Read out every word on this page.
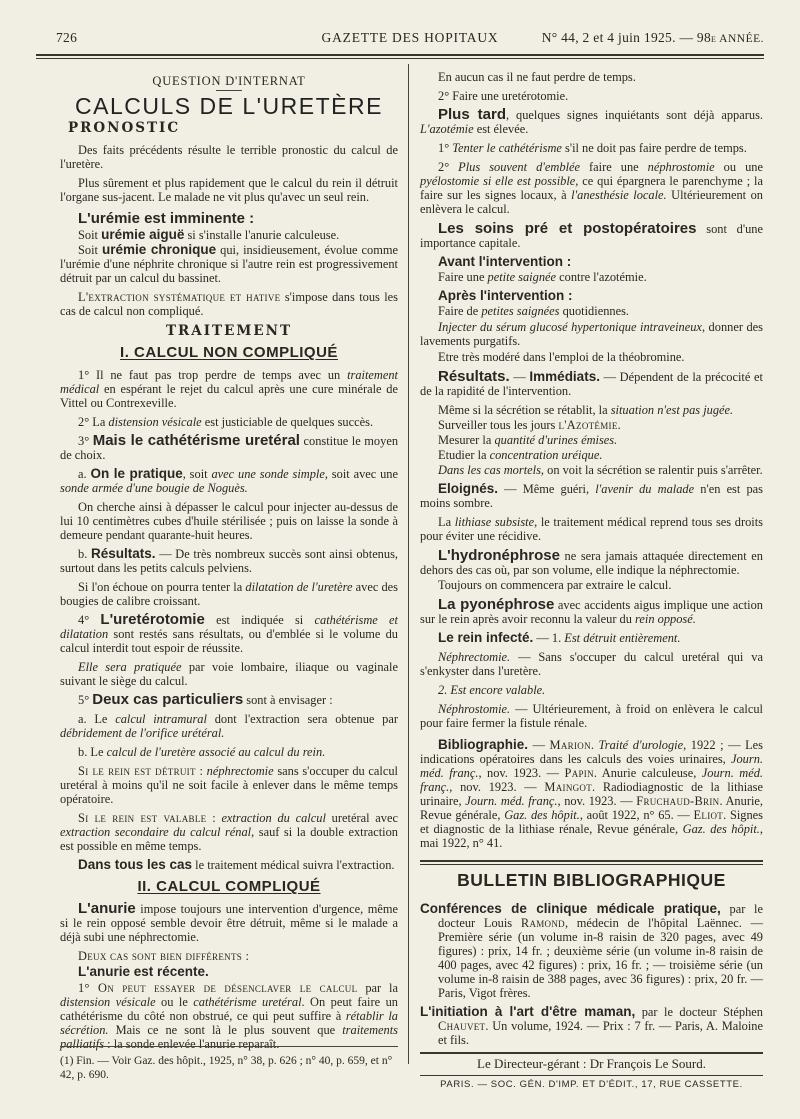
726	GAZETTE DES HOPITAUX	N° 44, 2 et 4 juin 1925. — 98e ANNÉE.
QUESTION D'INTERNAT
CALCULS DE L'URETÈRE
PRONOSTIC

Des faits précédents résulte le terrible pronostic du calcul de l'uretère.

Plus sûrement et plus rapidement que le calcul du rein il détruit l'organe sus-jacent. Le malade ne vit plus qu'avec un seul rein.

L'urémie est imminente :

Soit urémie aiguë si s'installe l'anurie calculeuse.

Soit urémie chronique qui, insidieusement, évolue comme l'urémie d'une néphrite chronique si l'autre rein est progressivement détruit par un calcul du bassinet.

L'extraction systématique et hative s'impose dans tous les cas de calcul non compliqué.

TRAITEMENT
I. CALCUL NON COMPLIQUÉ

1° Il ne faut pas trop perdre de temps avec un traitement médical en espérant le rejet du calcul après une cure minérale de Vittel ou Contrexeville.

2° La distension vésicale est justiciable de quelques succès.

3° Mais le cathétérisme uretéral constitue le moyen de choix.

a. On le pratique, soit avec une sonde simple, soit avec une sonde armée d'une bougie de Noguès.

On cherche ainsi à dépasser le calcul pour injecter au-dessus de lui 10 centimètres cubes d'huile stérilisée ; puis on laisse la sonde à demeure pendant quarante-huit heures.

b. Résultats. — De très nombreux succès sont ainsi obtenus, surtout dans les petits calculs pelviens.

Si l'on échoue on pourra tenter la dilatation de l'uretère avec des bougies de calibre croissant.

4° L'uretérotomie est indiquée si cathétérisme et dilatation sont restés sans résultats, ou d'emblée si le volume du calcul interdit tout espoir de réussite.

Elle sera pratiquée par voie lombaire, iliaque ou vaginale suivant le siège du calcul.

5° Deux cas particuliers sont à envisager :

a. Le calcul intramural dont l'extraction sera obtenue par débridement de l'orifice urétéral.

b. Le calcul de l'uretère associé au calcul du rein.

Si le rein est détruit : néphrectomie sans s'occuper du calcul uretéral à moins qu'il ne soit facile à enlever dans le même temps opératoire.

Si le rein est valable : extraction du calcul uretéral avec extraction secondaire du calcul rénal, sauf si la double extraction est possible en même temps.

Dans tous les cas le traitement médical suivra l'extraction.

II. CALCUL COMPLIQUÉ

L'anurie impose toujours une intervention d'urgence, même si le rein opposé semble devoir être détruit, même si le malade a déjà subi une néphrectomie.

Deux cas sont bien différents :

L'anurie est récente.

1° On peut essayer de désenclaver le calcul par la distension vésicale ou le cathétérisme uretéral. On peut faire un cathétérisme du côté non obstrué, ce qui peut suffire à rétablir la sécrétion. Mais ce ne sont là le plus souvent que traitements palliatifs : la sonde enlevée l'anurie reparaît.

(1) Fin. — Voir Gaz. des hôpit., 1925, n° 38, p. 626 ; n° 40, p. 659, et n° 42, p. 690.

En aucun cas il ne faut perdre de temps.

2° Faire une uretérotomie.

Plus tard, quelques signes inquiétants sont déjà apparus. L'azotémie est élevée.

1° Tenter le cathétérisme s'il ne doit pas faire perdre de temps.

2° Plus souvent d'emblée faire une néphrostomie ou une pyélostomie si elle est possible, ce qui épargnera le parenchyme ; la faire sur les signes locaux, à l'anesthésie locale. Ultérieurement on enlèvera le calcul.

Les soins pré et postopératoires sont d'une importance capitale.

Avant l'intervention :

Faire une petite saignée contre l'azotémie.

Après l'intervention :

Faire de petites saignées quotidiennes.

Injecter du sérum glucosé hypertonique intraveineux, donner des lavements purgatifs.

Etre très modéré dans l'emploi de la théobromine.

Résultats. — Immédiats. — Dépendent de la précocité et de la rapidité de l'intervention.

Même si la sécrétion se rétablit, la situation n'est pas jugée.

Surveiller tous les jours l'Azotémie.

Mesurer la quantité d'urines émises.

Etudier la concentration uréique.

Dans les cas mortels, on voit la sécrétion se ralentir puis s'arrêter.

Eloignés. — Même guéri, l'avenir du malade n'en est pas moins sombre.

La lithiase subsiste, le traitement médical reprend tous ses droits pour éviter une récidive.

L'hydronéphrose ne sera jamais attaquée directement en dehors des cas où, par son volume, elle indique la néphrectomie.

Toujours on commencera par extraire le calcul.

La pyonéphrose avec accidents aigus implique une action sur le rein après avoir reconnu la valeur du rein opposé.

Le rein infecté. — 1. Est détruit entièrement.

Néphrectomie. — Sans s'occuper du calcul uretéral qui va s'enkyster dans l'uretère.

2. Est encore valable.

Néphrostomie. — Ultérieurement, à froid on enlèvera le calcul pour faire fermer la fistule rénale.

Bibliographie. — Marion. Traité d'urologie, 1922 ; — Les indications opératoires dans les calculs des voies urinaires, Journ. méd. franç., nov. 1923. — Papin. Anurie calculeuse, Journ. méd. franç., nov. 1923. — Maingot. Radiodiagnostic de la lithiase urinaire, Journ. méd. franç., nov. 1923. — Fruchaud-Brin. Anurie, Revue générale, Gaz. des hôpit., août 1922, n° 65. — Eliot. Signes et diagnostic de la lithiase rénale, Revue générale, Gaz. des hôpit., mai 1922, n° 41.

BULLETIN BIBLIOGRAPHIQUE

Conférences de clinique médicale pratique, par le docteur Louis Ramond, médecin de l'hôpital Laënnec. — Première série (un volume in-8 raisin de 320 pages, avec 49 figures) : prix, 14 fr. ; deuxième série (un volume in-8 raisin de 400 pages, avec 42 figures) : prix, 16 fr. ; — troisième série (un volume in-8 raisin de 388 pages, avec 36 figures) : prix, 20 fr. — Paris, Vigot frères.

L'initiation à l'art d'être maman, par le docteur Stéphen Chauvet. Un volume, 1924. — Prix : 7 fr. — Paris, A. Maloine et fils.

Le Directeur-gérant : Dr François Le Sourd.
PARIS. — SOC. GÉN. D'IMP. ET D'ÉDIT., 17, RUE CASSETTE.
